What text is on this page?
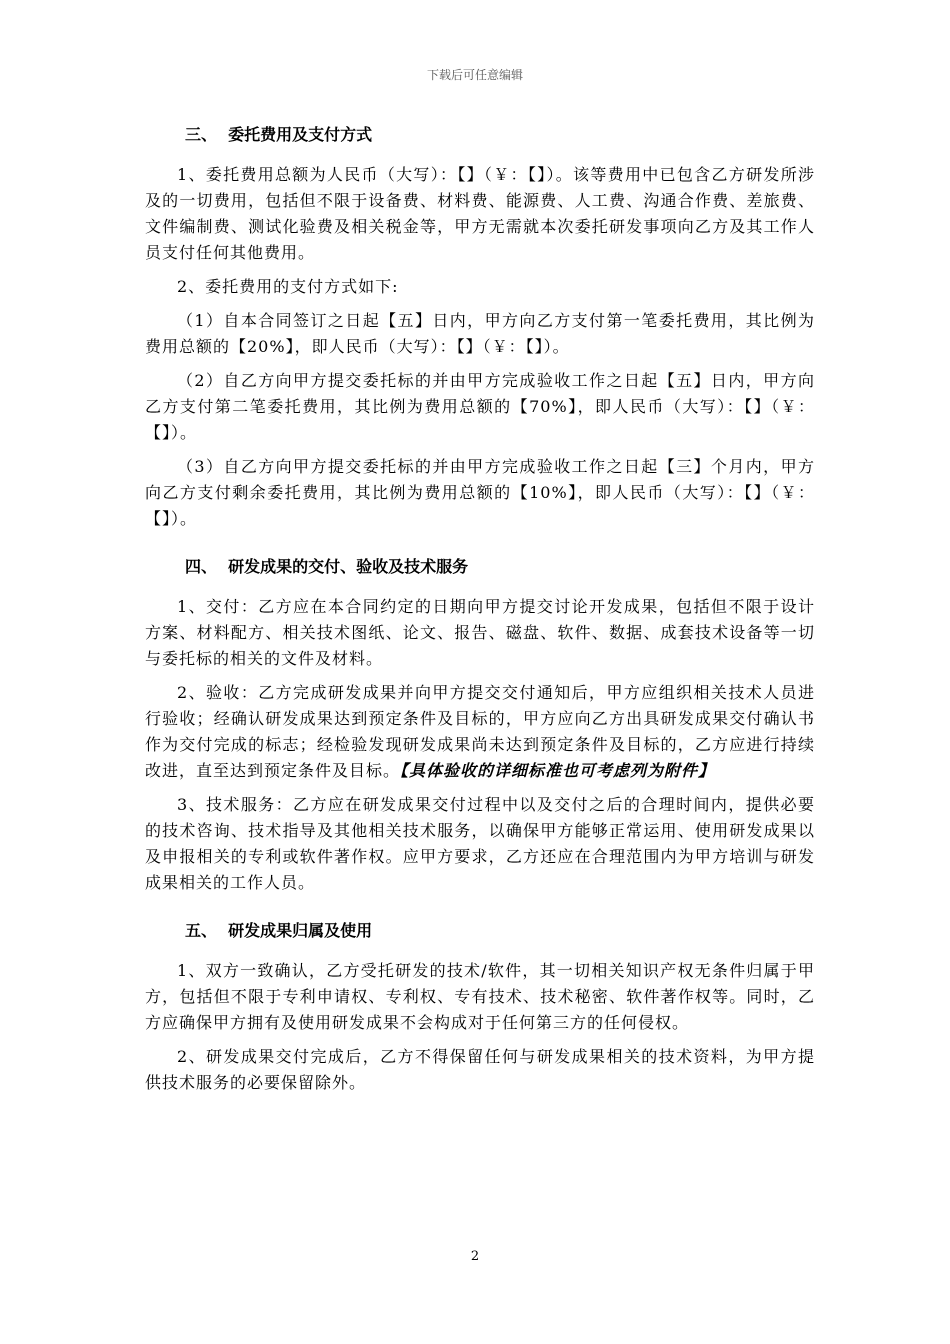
下载后可任意编辑
三、  委托费用及支付方式

1、委托费用总额为人民币（大写）：【】（￥：【】）。该等费用中已包含乙方研发所涉及的一切费用，包括但不限于设备费、材料费、能源费、人工费、沟通合作费、差旅费、文件编制费、测试化验费及相关税金等，甲方无需就本次委托研发事项向乙方及其工作人员支付任何其他费用。

2、委托费用的支付方式如下:

（1）自本合同签订之日起【五】日内，甲方向乙方支付第一笔委托费用，其比例为费用总额的【20%】，即人民币（大写）：【】（￥：【】）。

（2）自乙方向甲方提交委托标的并由甲方完成验收工作之日起【五】日内，甲方向乙方支付第二笔委托费用，其比例为费用总额的【70%】，即人民币（大写）：【】（￥：【】）。

（3）自乙方向甲方提交委托标的并由甲方完成验收工作之日起【三】个月内，甲方向乙方支付剩余委托费用，其比例为费用总额的【10%】，即人民币（大写）：【】（￥：【】）。

四、  研发成果的交付、验收及技术服务

1、交付：乙方应在本合同约定的日期向甲方提交讨论开发成果，包括但不限于设计方案、材料配方、相关技术图纸、论文、报告、磁盘、软件、数据、成套技术设备等一切与委托标的相关的文件及材料。

2、验收：乙方完成研发成果并向甲方提交交付通知后，甲方应组织相关技术人员进行验收；经确认研发成果达到预定条件及目标的，甲方应向乙方出具研发成果交付确认书作为交付完成的标志；经检验发现研发成果尚未达到预定条件及目标的，乙方应进行持续改进，直至达到预定条件及目标。【具体验收的详细标准也可考虑列为附件】

3、技术服务：乙方应在研发成果交付过程中以及交付之后的合理时间内，提供必要的技术咨询、技术指导及其他相关技术服务，以确保甲方能够正常运用、使用研发成果以及申报相关的专利或软件著作权。应甲方要求，乙方还应在合理范围内为甲方培训与研发成果相关的工作人员。

五、  研发成果归属及使用

1、双方一致确认，乙方受托研发的技术/软件，其一切相关知识产权无条件归属于甲方，包括但不限于专利申请权、专利权、专有技术、技术秘密、软件著作权等。同时，乙方应确保甲方拥有及使用研发成果不会构成对于任何第三方的任何侵权。

2、研发成果交付完成后，乙方不得保留任何与研发成果相关的技术资料，为甲方提供技术服务的必要保留除外。

2
